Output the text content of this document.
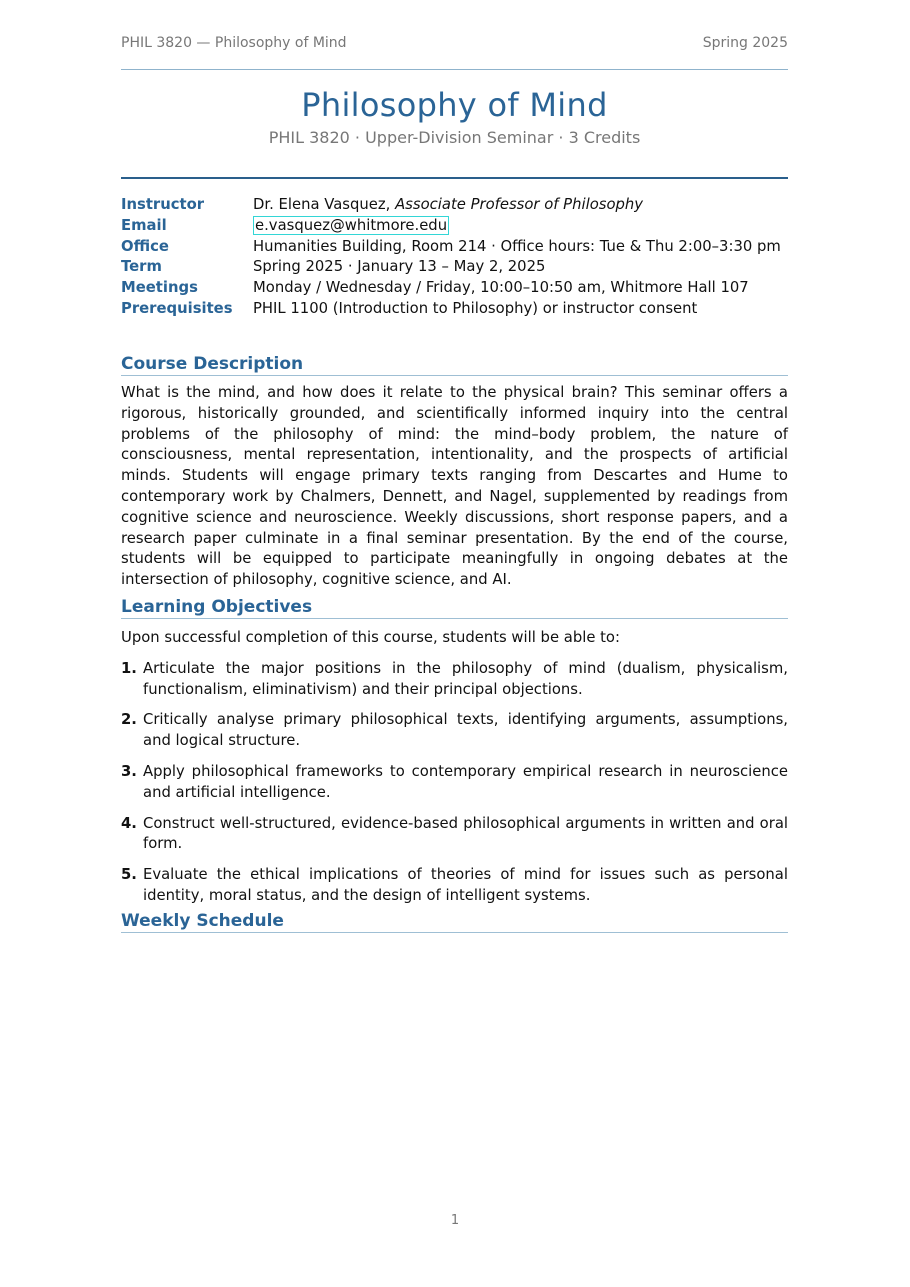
PHIL 3820 — Philosophy of Mind	Spring 2025
Philosophy of Mind
PHIL 3820 · Upper-Division Seminar · 3 Credits
Instructor	Dr. Elena Vasquez, Associate Professor of Philosophy
Email	e.vasquez@whitmore.edu
Office	Humanities Building, Room 214 · Office hours: Tue & Thu 2:00–3:30 pm
Term	Spring 2025 · January 13 – May 2, 2025
Meetings	Monday / Wednesday / Friday, 10:00–10:50 am, Whitmore Hall 107
Prerequisites	PHIL 1100 (Introduction to Philosophy) or instructor consent
Course Description
What is the mind, and how does it relate to the physical brain? This seminar offers a rigorous, historically grounded, and scientifically informed inquiry into the central problems of the philosophy of mind: the mind–body problem, the nature of consciousness, mental representation, intentionality, and the prospects of artificial minds. Students will engage primary texts ranging from Descartes and Hume to contemporary work by Chalmers, Dennett, and Nagel, supplemented by readings from cognitive science and neuroscience. Weekly discussions, short response papers, and a research paper culminate in a final seminar presentation. By the end of the course, students will be equipped to participate meaningfully in ongoing debates at the intersection of philosophy, cognitive science, and AI.
Learning Objectives
Upon successful completion of this course, students will be able to:
1. Articulate the major positions in the philosophy of mind (dualism, physicalism, functionalism, eliminativism) and their principal objections.
2. Critically analyse primary philosophical texts, identifying arguments, assumptions, and logical structure.
3. Apply philosophical frameworks to contemporary empirical research in neuroscience and artificial intelligence.
4. Construct well-structured, evidence-based philosophical arguments in written and oral form.
5. Evaluate the ethical implications of theories of mind for issues such as personal identity, moral status, and the design of intelligent systems.
Weekly Schedule
1
